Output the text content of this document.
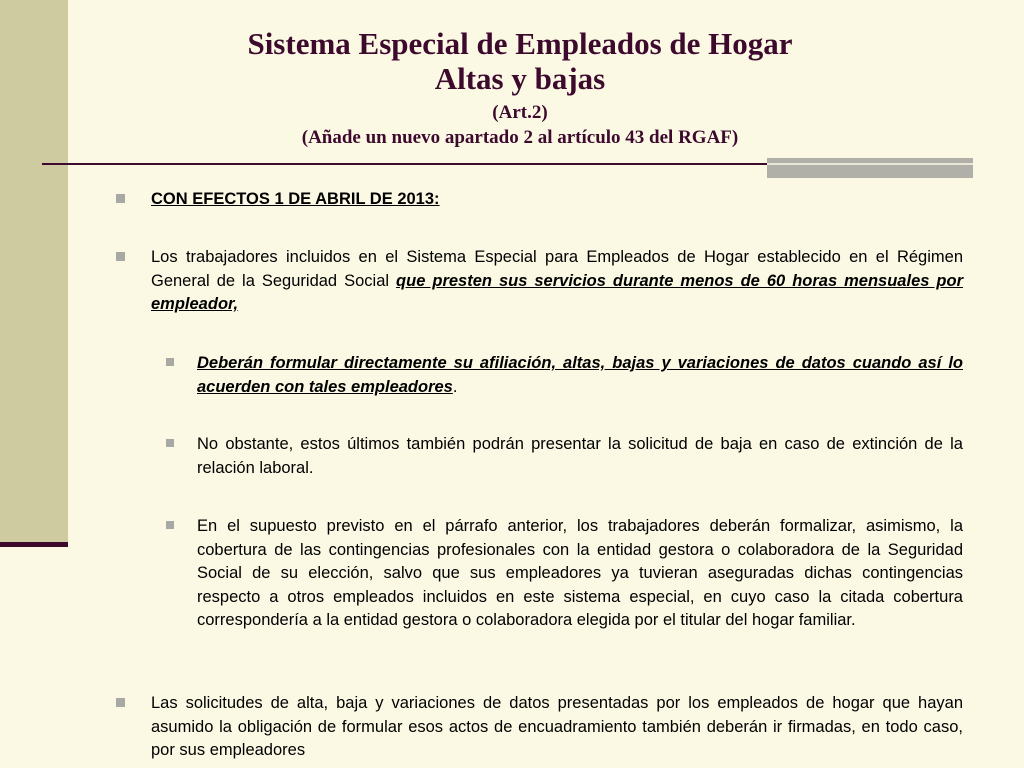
Sistema Especial de Empleados de Hogar
Altas y bajas
(Art.2)
(Añade un nuevo apartado 2 al artículo 43 del RGAF)
CON EFECTOS 1 DE ABRIL DE 2013:
Los trabajadores incluidos en el Sistema Especial para Empleados de Hogar establecido en el Régimen General de la Seguridad Social que presten sus servicios durante menos de 60 horas mensuales por empleador,
Deberán formular directamente su afiliación, altas, bajas y variaciones de datos cuando así lo acuerden con tales empleadores.
No obstante, estos últimos también podrán presentar la solicitud de baja en caso de extinción de la relación laboral.
En el supuesto previsto en el párrafo anterior, los trabajadores deberán formalizar, asimismo, la cobertura de las contingencias profesionales con la entidad gestora o colaboradora de la Seguridad Social de su elección, salvo que sus empleadores ya tuvieran aseguradas dichas contingencias respecto a otros empleados incluidos en este sistema especial, en cuyo caso la citada cobertura correspondería a la entidad gestora o colaboradora elegida por el titular del hogar familiar.
Las solicitudes de alta, baja y variaciones de datos presentadas por los empleados de hogar que hayan asumido la obligación de formular esos actos de encuadramiento también deberán ir firmadas, en todo caso, por sus empleadores
